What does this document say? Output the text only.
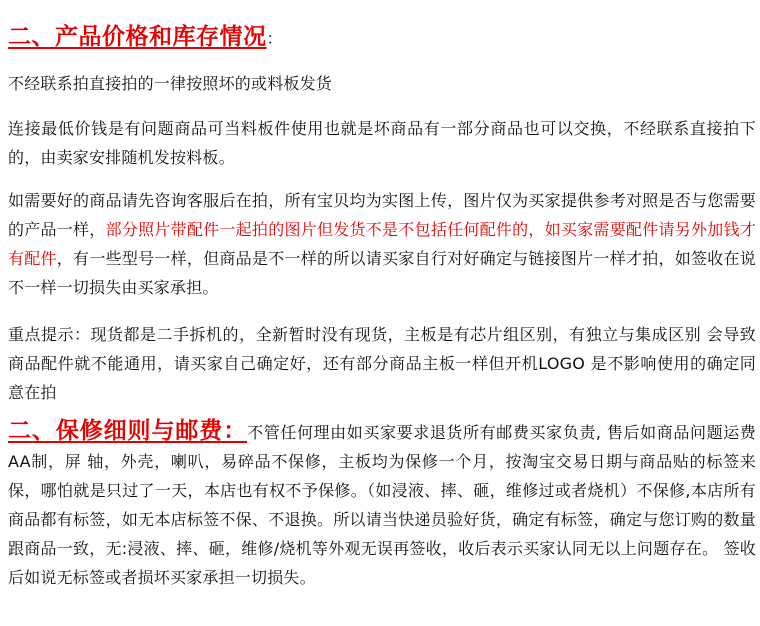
二、产品价格和库存情况：

不经联系拍直接拍的一律按照坏的或料板发货

连接最低价钱是有问题商品可当料板件使用也就是坏商品有一部分商品也可以交换，不经联系直接拍下的，由卖家安排随机发按料板。

如需要好的商品请先咨询客服后在拍，所有宝贝均为实图上传，图片仅为买家提供参考对照是否与您需要的产品一样，部分照片带配件一起拍的图片但发货不是不包括任何配件的，如买家需要配件请另外加钱才有配件，有一些型号一样，但商品是不一样的所以请买家自行对好确定与链接图片一样才拍，如签收在说不一样一切损失由买家承担。

重点提示：现货都是二手拆机的，全新暂时没有现货，主板是有芯片组区别，有独立与集成区别 会导致商品配件就不能通用，请买家自己确定好，还有部分商品主板一样但开机LOGO 是不影响使用的确定同意在拍

二、保修细则与邮费：不管任何理由如买家要求退货所有邮费买家负责, 售后如商品问题运费AA制，屏 轴，外壳，喇叭，易碎品不保修，主板均为保修一个月，按淘宝交易日期与商品贴的标签来保，哪怕就是只过了一天，本店也有权不予保修。（如浸液、摔、砸，维修过或者烧机）不保修,本店所有商品都有标签，如无本店标签不保、不退换。所以请当快递员验好货，确定有标签，确定与您订购的数量跟商品一致，无:浸液、摔、砸，维修/烧机等外观无误再签收，收后表示买家认同无以上问题存在。 签收后如说无标签或者损坏买家承担一切损失。
